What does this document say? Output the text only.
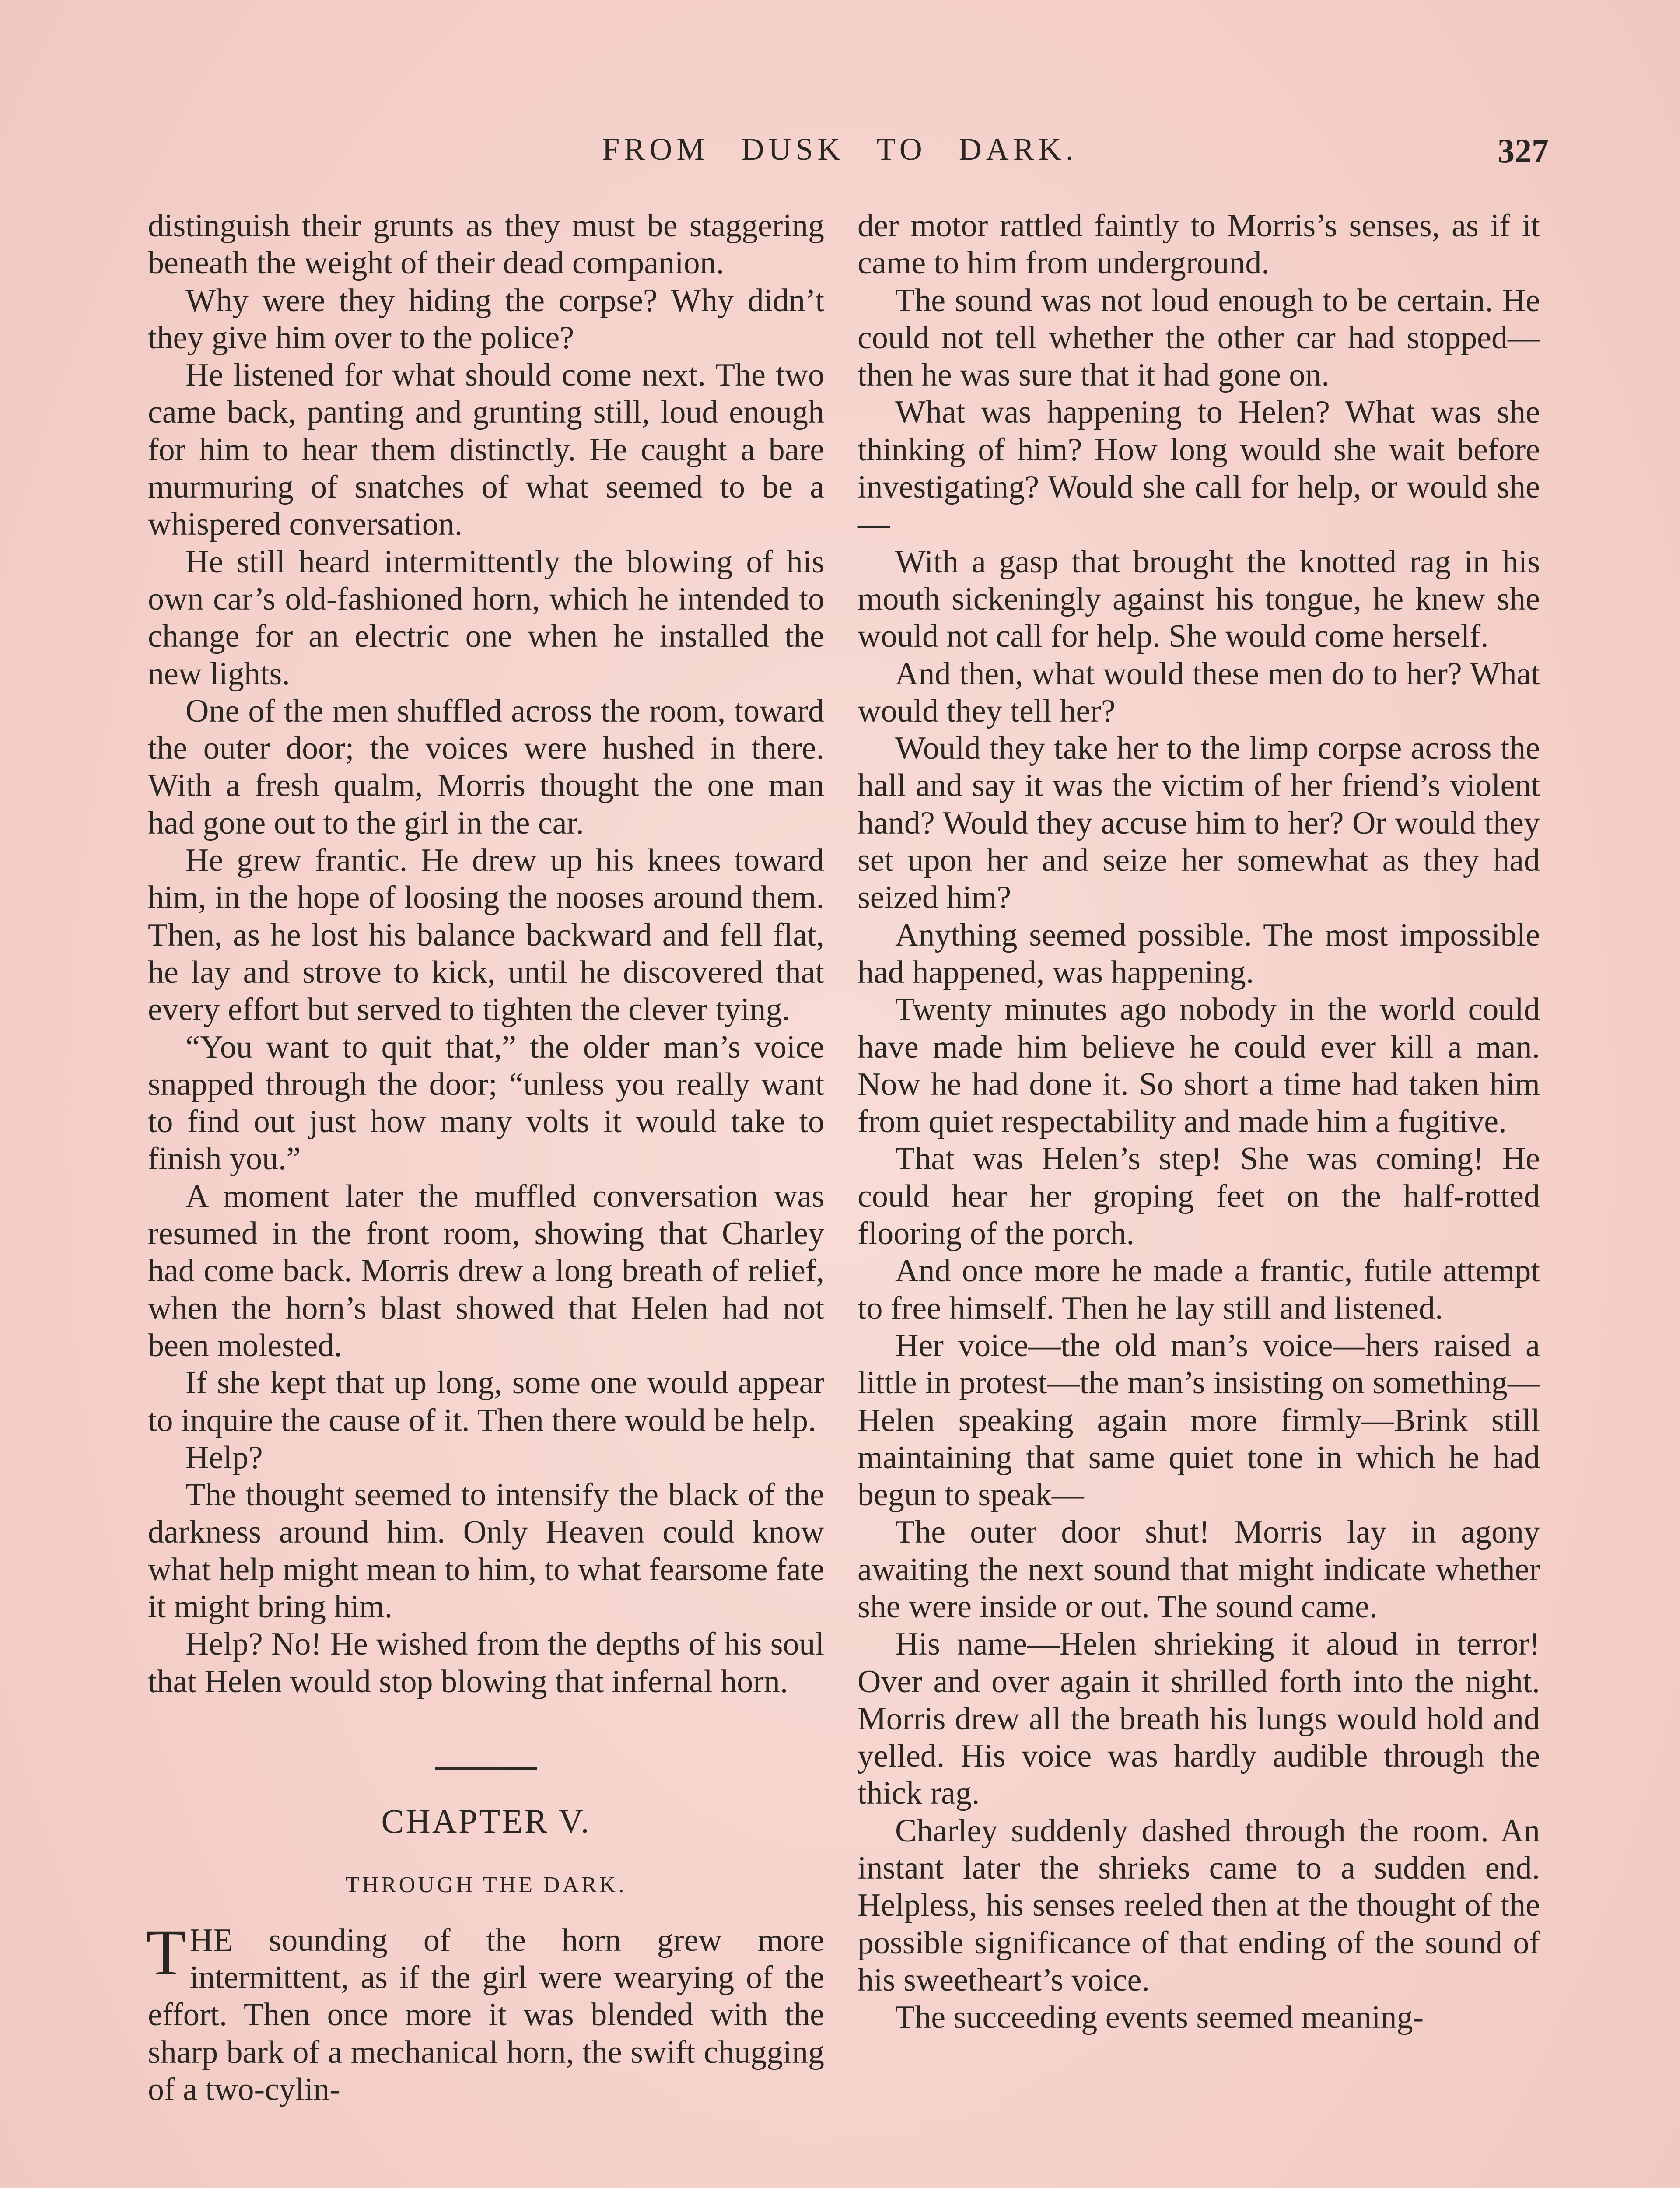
FROM DUSK TO DARK.	327

distinguish their grunts as they must be staggering beneath the weight of their dead companion.

Why were they hiding the corpse? Why didn’t they give him over to the police?

He listened for what should come next. The two came back, panting and grunting still, loud enough for him to hear them distinctly. He caught a bare murmuring of snatches of what seemed to be a whispered conversation.

He still heard intermittently the blowing of his own car’s old-fashioned horn, which he intended to change for an electric one when he installed the new lights.

One of the men shuffled across the room, toward the outer door; the voices were hushed in there. With a fresh qualm, Morris thought the one man had gone out to the girl in the car.

He grew frantic. He drew up his knees toward him, in the hope of loosing the nooses around them. Then, as he lost his balance backward and fell flat, he lay and strove to kick, until he discovered that every effort but served to tighten the clever tying.

“You want to quit that,” the older man’s voice snapped through the door; “unless you really want to find out just how many volts it would take to finish you.”

A moment later the muffled conversation was resumed in the front room, showing that Charley had come back. Morris drew a long breath of relief, when the horn’s blast showed that Helen had not been molested.

If she kept that up long, some one would appear to inquire the cause of it. Then there would be help.

Help?

The thought seemed to intensify the black of the darkness around him. Only Heaven could know what help might mean to him, to what fearsome fate it might bring him.

Help? No! He wished from the depths of his soul that Helen would stop blowing that infernal horn.

CHAPTER V.
THROUGH THE DARK.

THE sounding of the horn grew more intermittent, as if the girl were wearying of the effort. Then once more it was blended with the sharp bark of a mechanical horn, the swift chugging of a two-cylin-

der motor rattled faintly to Morris’s senses, as if it came to him from underground.

The sound was not loud enough to be certain. He could not tell whether the other car had stopped—then he was sure that it had gone on.

What was happening to Helen? What was she thinking of him? How long would she wait before investigating? Would she call for help, or would she—

With a gasp that brought the knotted rag in his mouth sickeningly against his tongue, he knew she would not call for help. She would come herself.

And then, what would these men do to her? What would they tell her?

Would they take her to the limp corpse across the hall and say it was the victim of her friend’s violent hand? Would they accuse him to her? Or would they set upon her and seize her somewhat as they had seized him?

Anything seemed possible. The most impossible had happened, was happening.

Twenty minutes ago nobody in the world could have made him believe he could ever kill a man. Now he had done it. So short a time had taken him from quiet respectability and made him a fugitive.

That was Helen’s step! She was coming! He could hear her groping feet on the half-rotted flooring of the porch.

And once more he made a frantic, futile attempt to free himself. Then he lay still and listened.

Her voice—the old man’s voice—hers raised a little in protest—the man’s insisting on something—Helen speaking again more firmly—Brink still maintaining that same quiet tone in which he had begun to speak—

The outer door shut! Morris lay in agony awaiting the next sound that might indicate whether she were inside or out. The sound came.

His name—Helen shrieking it aloud in terror! Over and over again it shrilled forth into the night. Morris drew all the breath his lungs would hold and yelled. His voice was hardly audible through the thick rag.

Charley suddenly dashed through the room. An instant later the shrieks came to a sudden end. Helpless, his senses reeled then at the thought of the possible significance of that ending of the sound of his sweetheart’s voice.

The succeeding events seemed meaning-
